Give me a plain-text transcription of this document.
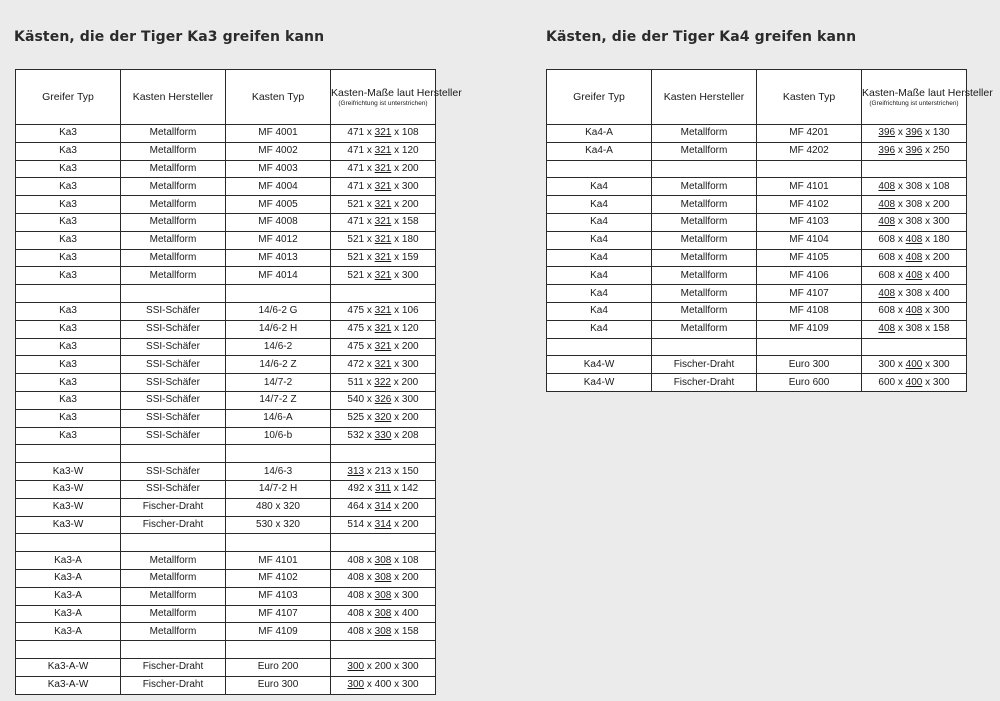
Kästen, die der Tiger Ka3 greifen kann	Kästen, die der Tiger Ka4 greifen kann
Greifer Typ	Kasten Hersteller	Kasten Typ	Kasten-Maße laut Hersteller
(Greifrichtung ist unterstrichen)

Ka3	Metallform	MF 4001	471 x 321 x 108
Ka3	Metallform	MF 4002	471 x 321 x 120
Ka3	Metallform	MF 4003	471 x 321 x 200
Ka3	Metallform	MF 4004	471 x 321 x 300
Ka3	Metallform	MF 4005	521 x 321 x 200
Ka3	Metallform	MF 4008	471 x 321 x 158
Ka3	Metallform	MF 4012	521 x 321 x 180
Ka3	Metallform	MF 4013	521 x 321 x 159
Ka3	Metallform	MF 4014	521 x 321 x 300

Ka3	SSI-Schäfer	14/6-2 G	475 x 321 x 106
Ka3	SSI-Schäfer	14/6-2 H	475 x 321 x 120
Ka3	SSI-Schäfer	14/6-2	475 x 321 x 200
Ka3	SSI-Schäfer	14/6-2 Z	472 x 321 x 300
Ka3	SSI-Schäfer	14/7-2	511 x 322 x 200
Ka3	SSI-Schäfer	14/7-2 Z	540 x 326 x 300
Ka3	SSI-Schäfer	14/6-A	525 x 320 x 200
Ka3	SSI-Schäfer	10/6-b	532 x 330 x 208

Ka3-W	SSI-Schäfer	14/6-3	313 x 213 x 150
Ka3-W	SSI-Schäfer	14/7-2 H	492 x 311 x 142
Ka3-W	Fischer-Draht	480 x 320	464 x 314 x 200
Ka3-W	Fischer-Draht	530 x 320	514 x 314 x 200

Ka3-A	Metallform	MF 4101	408 x 308 x 108
Ka3-A	Metallform	MF 4102	408 x 308 x 200
Ka3-A	Metallform	MF 4103	408 x 308 x 300
Ka3-A	Metallform	MF 4107	408 x 308 x 400
Ka3-A	Metallform	MF 4109	408 x 308 x 158

Ka3-A-W	Fischer-Draht	Euro 200	300 x 200 x 300
Ka3-A-W	Fischer-Draht	Euro 300	300 x 400 x 300
Greifer Typ	Kasten Hersteller	Kasten Typ	Kasten-Maße laut Hersteller
(Greifrichtung ist unterstrichen)

Ka4-A	Metallform	MF 4201	396 x 396 x 130
Ka4-A	Metallform	MF 4202	396 x 396 x 250

Ka4	Metallform	MF 4101	408 x 308 x 108
Ka4	Metallform	MF 4102	408 x 308 x 200
Ka4	Metallform	MF 4103	408 x 308 x 300
Ka4	Metallform	MF 4104	608 x 408 x 180
Ka4	Metallform	MF 4105	608 x 408 x 200
Ka4	Metallform	MF 4106	608 x 408 x 400
Ka4	Metallform	MF 4107	408 x 308 x 400
Ka4	Metallform	MF 4108	608 x 408 x 300
Ka4	Metallform	MF 4109	408 x 308 x 158

Ka4-W	Fischer-Draht	Euro 300	300 x 400 x 300
Ka4-W	Fischer-Draht	Euro 600	600 x 400 x 300
